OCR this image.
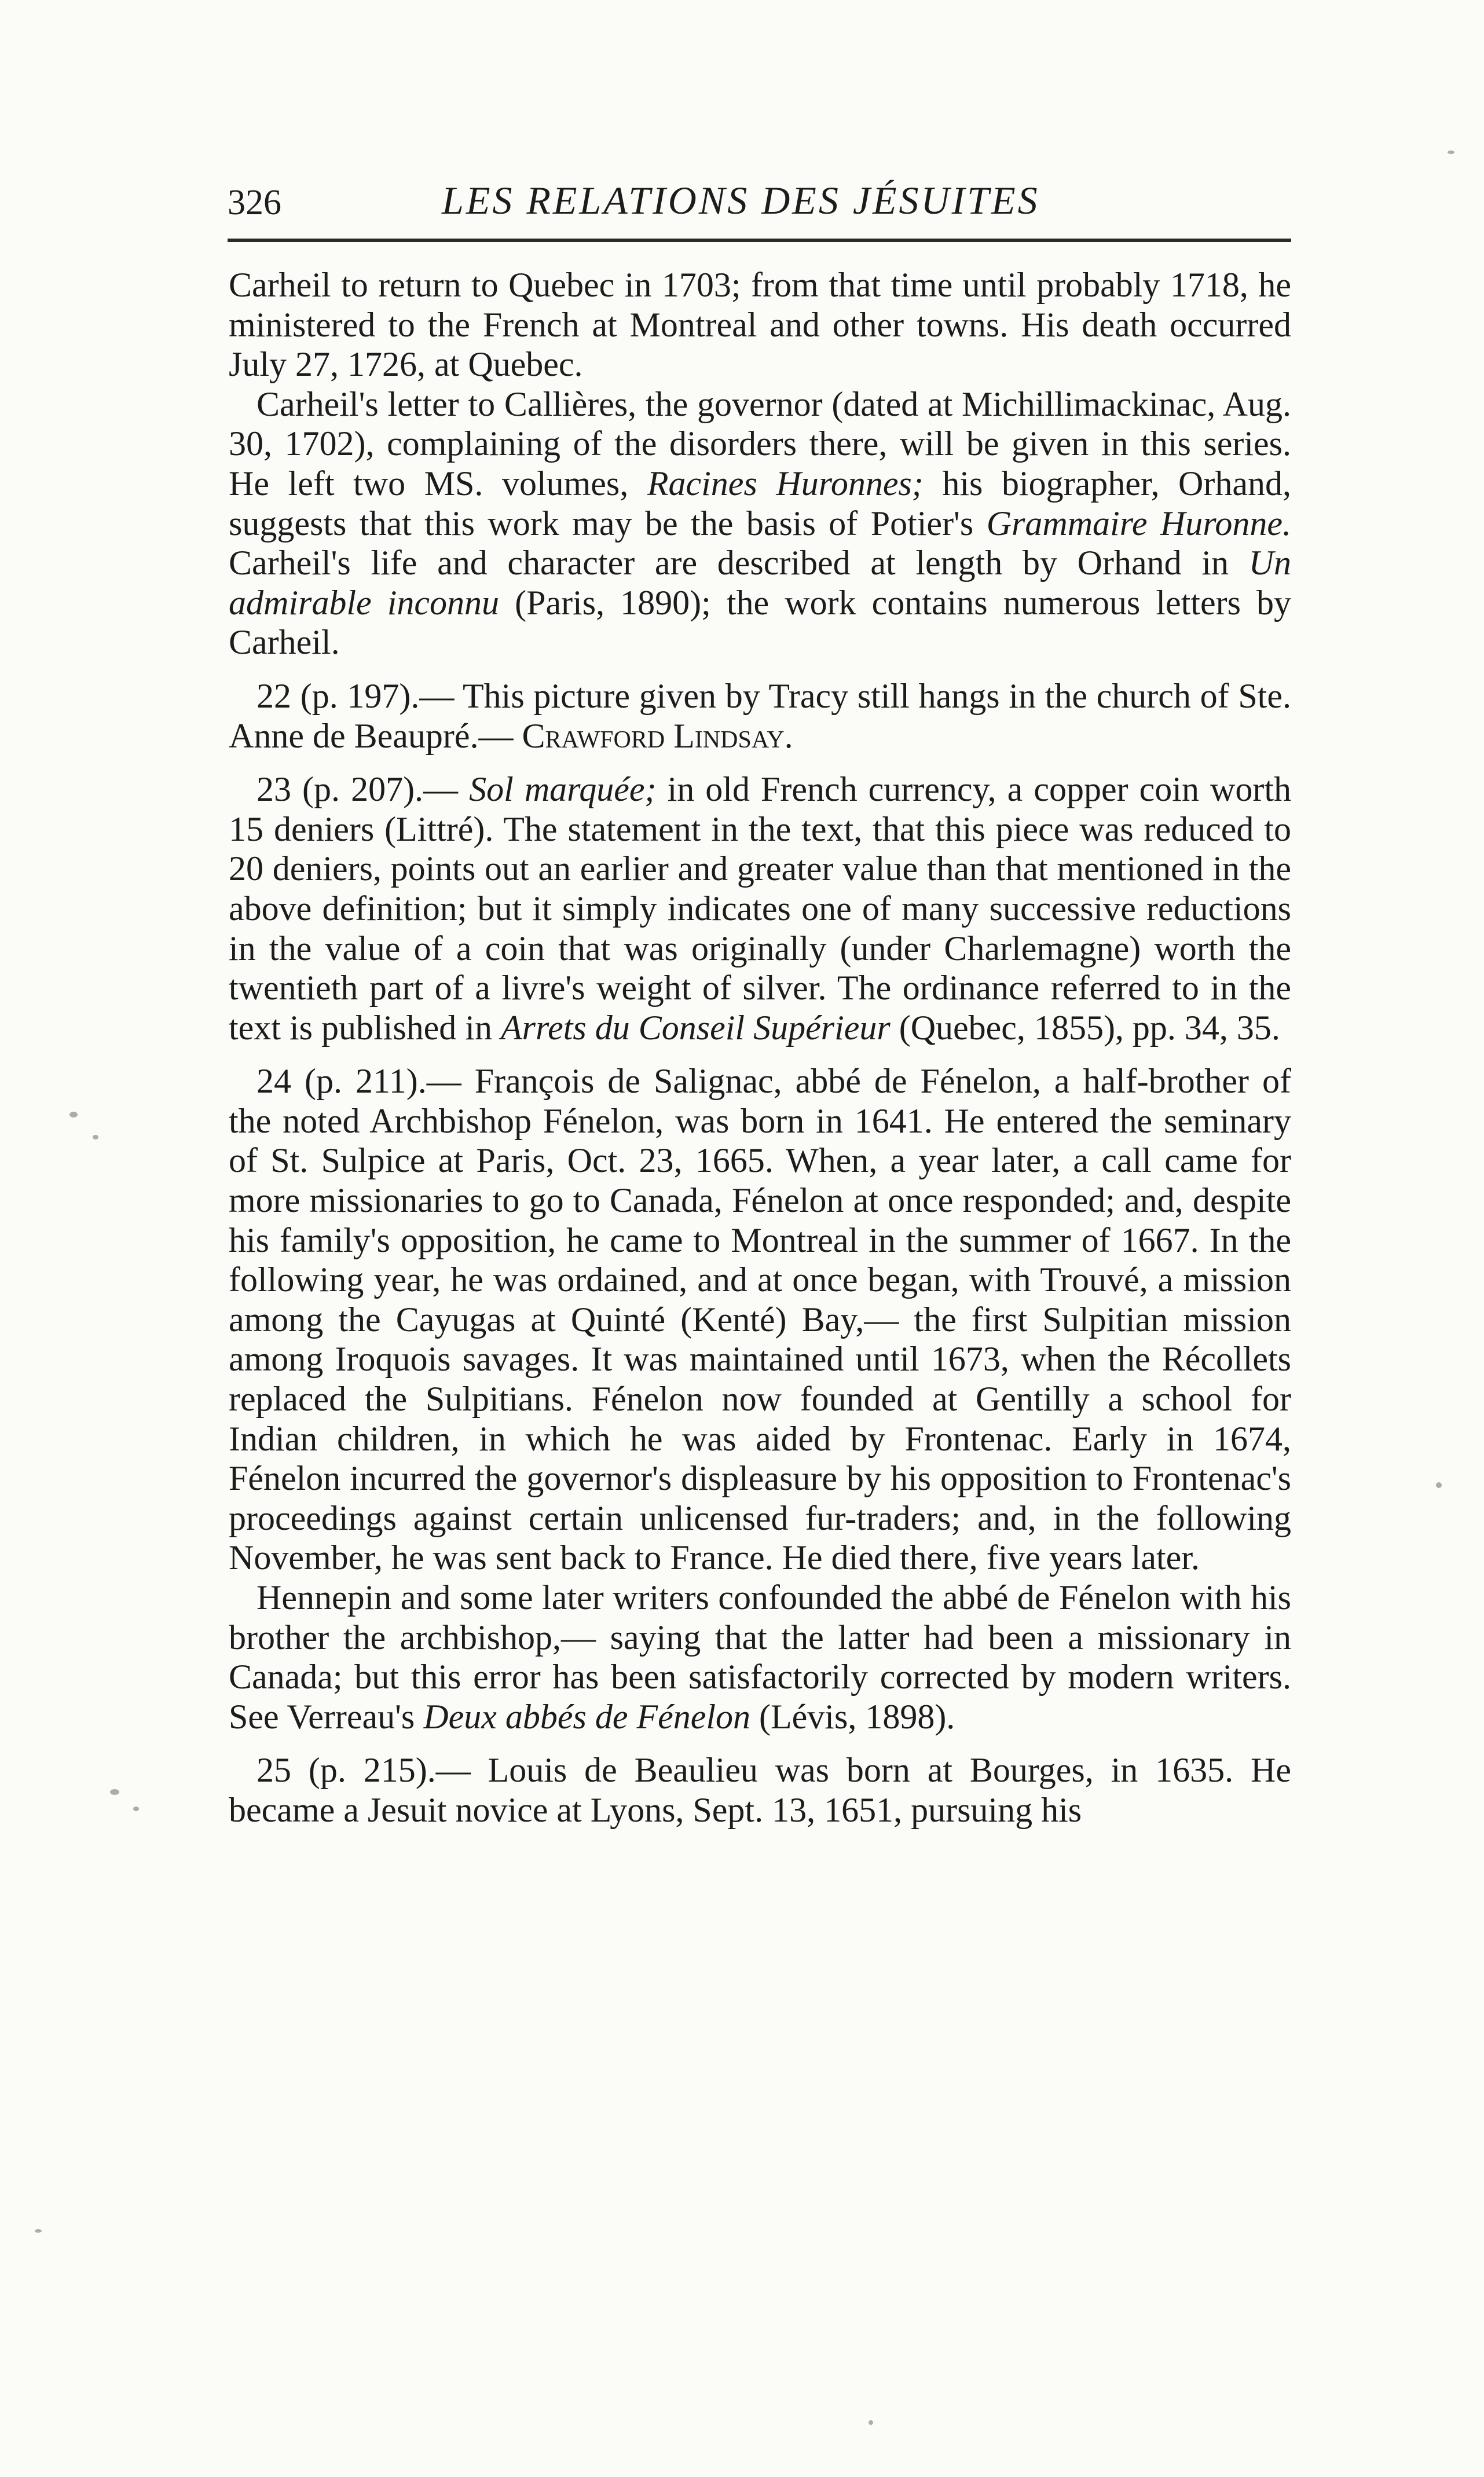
326	LES RELATIONS DES JÉSUITES

Carheil to return to Quebec in 1703; from that time until probably 1718, he ministered to the French at Montreal and other towns. His death occurred July 27, 1726, at Quebec.

Carheil's letter to Callières, the governor (dated at Michillimackinac, Aug. 30, 1702), complaining of the disorders there, will be given in this series. He left two MS. volumes, Racines Huronnes; his biographer, Orhand, suggests that this work may be the basis of Potier's Grammaire Huronne. Carheil's life and character are described at length by Orhand in Un admirable inconnu (Paris, 1890); the work contains numerous letters by Carheil.

22 (p. 197).— This picture given by Tracy still hangs in the church of Ste. Anne de Beaupré.— Crawford Lindsay.

23 (p. 207).— Sol marquée; in old French currency, a copper coin worth 15 deniers (Littré). The statement in the text, that this piece was reduced to 20 deniers, points out an earlier and greater value than that mentioned in the above definition; but it simply indicates one of many successive reductions in the value of a coin that was originally (under Charlemagne) worth the twentieth part of a livre's weight of silver. The ordinance referred to in the text is published in Arrets du Conseil Supérieur (Quebec, 1855), pp. 34, 35.

24 (p. 211).— François de Salignac, abbé de Fénelon, a half-brother of the noted Archbishop Fénelon, was born in 1641. He entered the seminary of St. Sulpice at Paris, Oct. 23, 1665. When, a year later, a call came for more missionaries to go to Canada, Fénelon at once responded; and, despite his family's opposition, he came to Montreal in the summer of 1667. In the following year, he was ordained, and at once began, with Trouvé, a mission among the Cayugas at Quinté (Kenté) Bay,— the first Sulpitian mission among Iroquois savages. It was maintained until 1673, when the Récollets replaced the Sulpitians. Fénelon now founded at Gentilly a school for Indian children, in which he was aided by Frontenac. Early in 1674, Fénelon incurred the governor's displeasure by his opposition to Frontenac's proceedings against certain unlicensed fur-traders; and, in the following November, he was sent back to France. He died there, five years later.

Hennepin and some later writers confounded the abbé de Fénelon with his brother the archbishop,— saying that the latter had been a missionary in Canada; but this error has been satisfactorily corrected by modern writers. See Verreau's Deux abbés de Fénelon (Lévis, 1898).

25 (p. 215).— Louis de Beaulieu was born at Bourges, in 1635. He became a Jesuit novice at Lyons, Sept. 13, 1651, pursuing his
